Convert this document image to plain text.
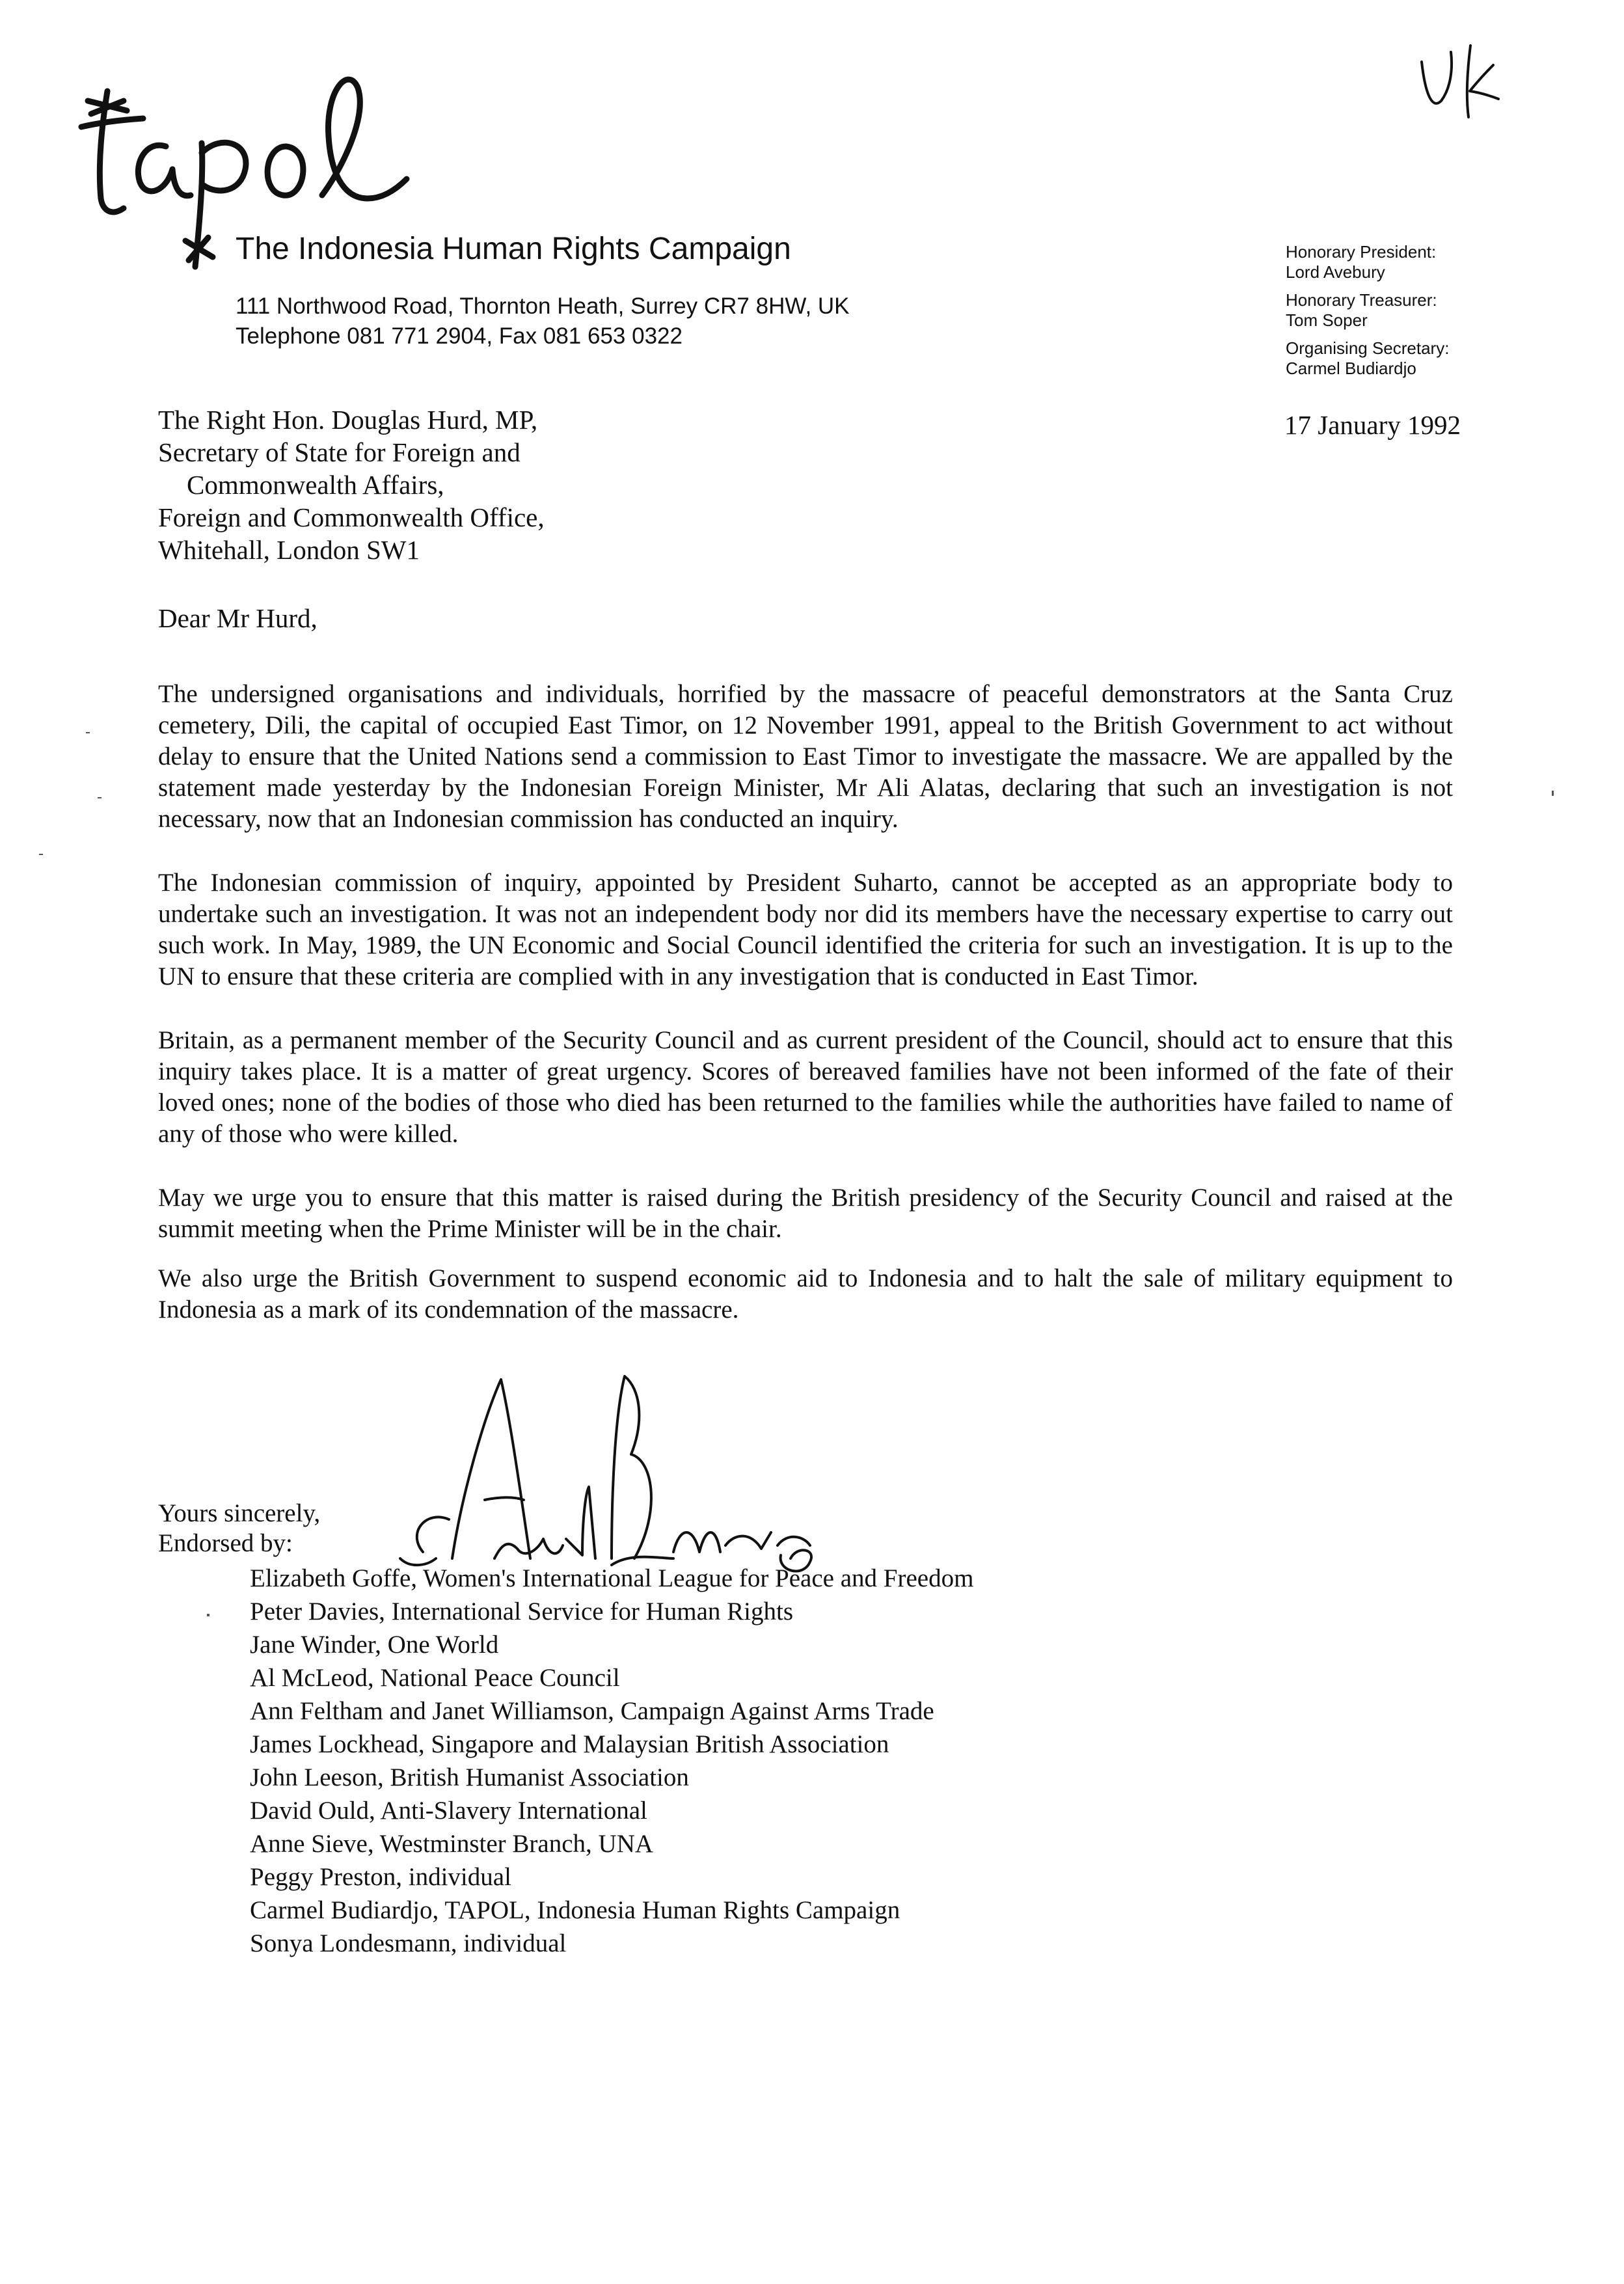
The Indonesia Human Rights Campaign
111 Northwood Road, Thornton Heath, Surrey CR7 8HW, UK
Telephone 081 771 2904, Fax 081 653 0322
Honorary President:
Lord Avebury
Honorary Treasurer:
Tom Soper
Organising Secretary:
Carmel Budiardjo
17 January 1992
The Right Hon. Douglas Hurd, MP,
Secretary of State for Foreign and
Commonwealth Affairs,
Foreign and Commonwealth Office,
Whitehall, London SW1
Dear Mr Hurd,

The undersigned organisations and individuals, horrified by the massacre of peaceful demonstrators at the Santa Cruz cemetery, Dili, the capital of occupied East Timor, on 12 November 1991, appeal to the British Government to act without delay to ensure that the United Nations send a commission to East Timor to investigate the massacre. We are appalled by the statement made yesterday by the Indonesian Foreign Minister, Mr Ali Alatas, declaring that such an investigation is not necessary, now that an Indonesian commission has conducted an inquiry.

The Indonesian commission of inquiry, appointed by President Suharto, cannot be accepted as an appropriate body to undertake such an investigation. It was not an independent body nor did its members have the necessary expertise to carry out such work. In May, 1989, the UN Economic and Social Council identified the criteria for such an investigation. It is up to the UN to ensure that these criteria are complied with in any investigation that is conducted in East Timor.

Britain, as a permanent member of the Security Council and as current president of the Council, should act to ensure that this inquiry takes place. It is a matter of great urgency. Scores of bereaved families have not been informed of the fate of their loved ones; none of the bodies of those who died has been returned to the families while the authorities have failed to name of any of those who were killed.

May we urge you to ensure that this matter is raised during the British presidency of the Security Council and raised at the summit meeting when the Prime Minister will be in the chair.

We also urge the British Government to suspend economic aid to Indonesia and to halt the sale of military equipment to Indonesia as a mark of its condemnation of the massacre.

Yours sincerely,
Endorsed by:
Elizabeth Goffe, Women's International League for Peace and Freedom
Peter Davies, International Service for Human Rights
Jane Winder, One World
Al McLeod, National Peace Council
Ann Feltham and Janet Williamson, Campaign Against Arms Trade
James Lockhead, Singapore and Malaysian British Association
John Leeson, British Humanist Association
David Ould, Anti-Slavery International
Anne Sieve, Westminster Branch, UNA
Peggy Preston, individual
Carmel Budiardjo, TAPOL, Indonesia Human Rights Campaign
Sonya Londesmann, individual
